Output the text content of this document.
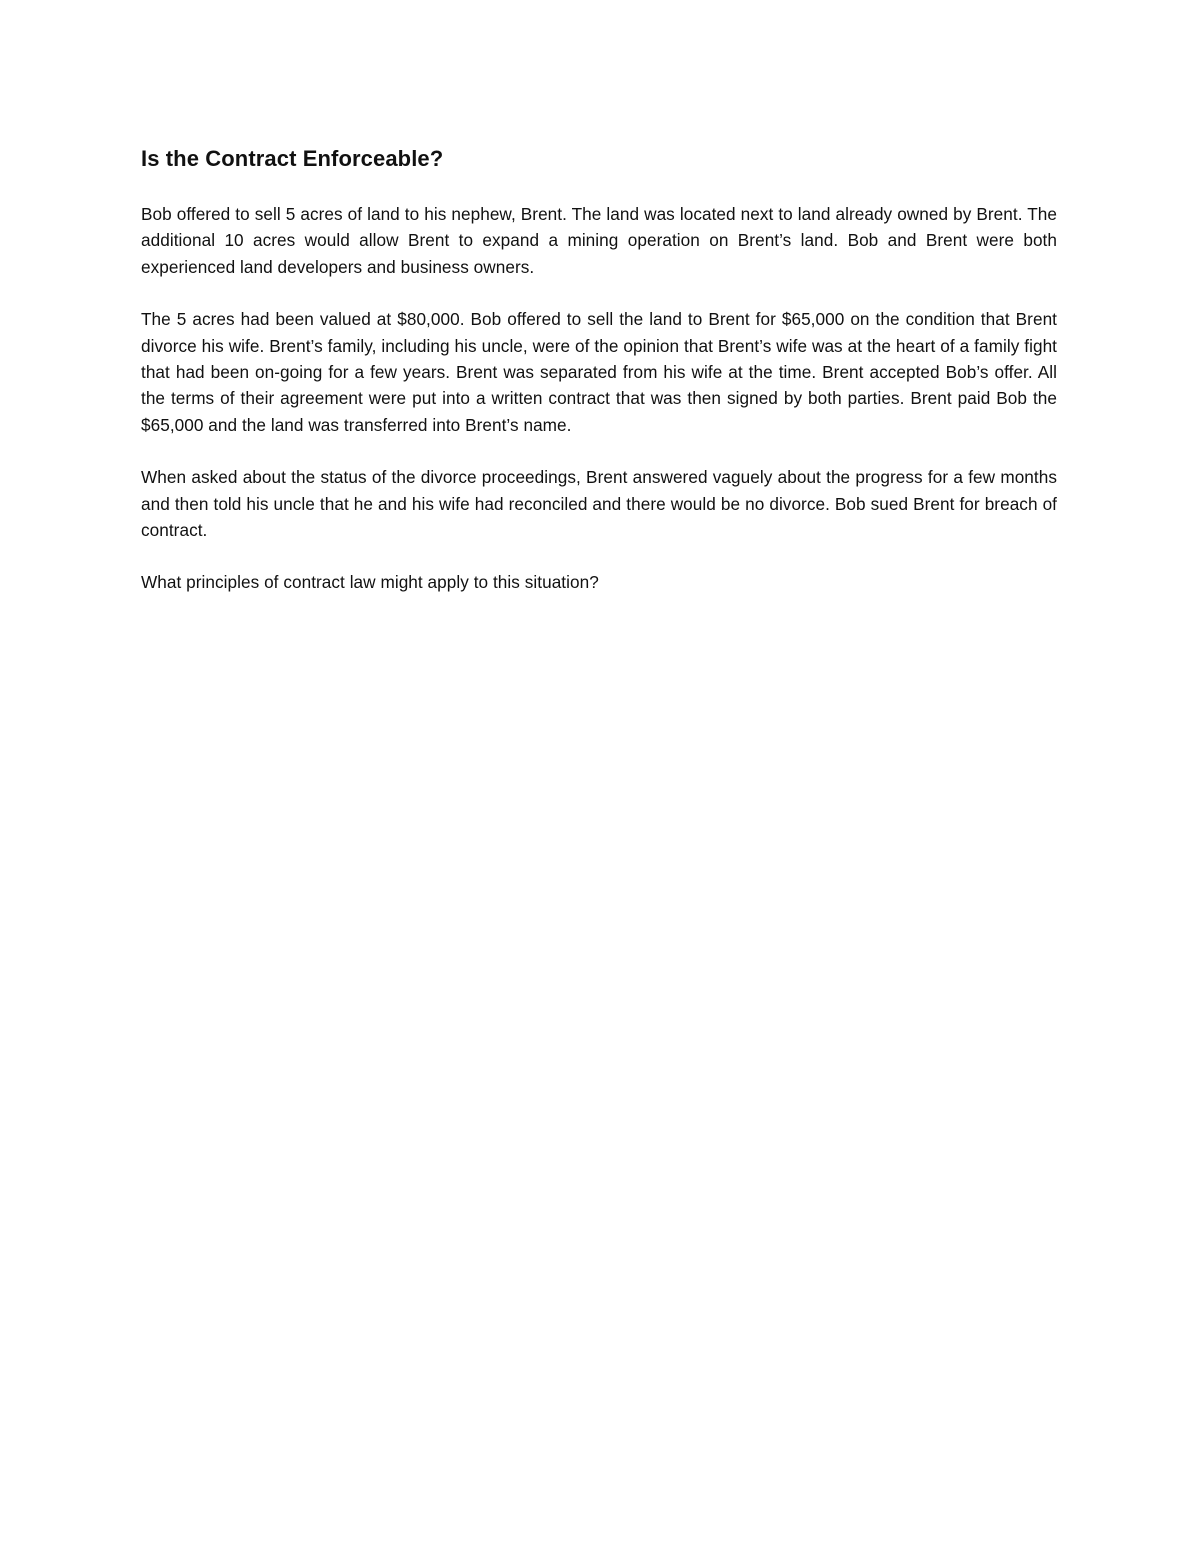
Is the Contract Enforceable?

Bob offered to sell 5 acres of land to his nephew, Brent. The land was located next to land already owned by Brent. The additional 10 acres would allow Brent to expand a mining operation on Brent’s land. Bob and Brent were both experienced land developers and business owners.

The 5 acres had been valued at $80,000. Bob offered to sell the land to Brent for $65,000 on the condition that Brent divorce his wife. Brent’s family, including his uncle, were of the opinion that Brent’s wife was at the heart of a family fight that had been on-going for a few years. Brent was separated from his wife at the time. Brent accepted Bob’s offer. All the terms of their agreement were put into a written contract that was then signed by both parties. Brent paid Bob the $65,000 and the land was transferred into Brent’s name.

When asked about the status of the divorce proceedings, Brent answered vaguely about the progress for a few months and then told his uncle that he and his wife had reconciled and there would be no divorce. Bob sued Brent for breach of contract.

What principles of contract law might apply to this situation?
